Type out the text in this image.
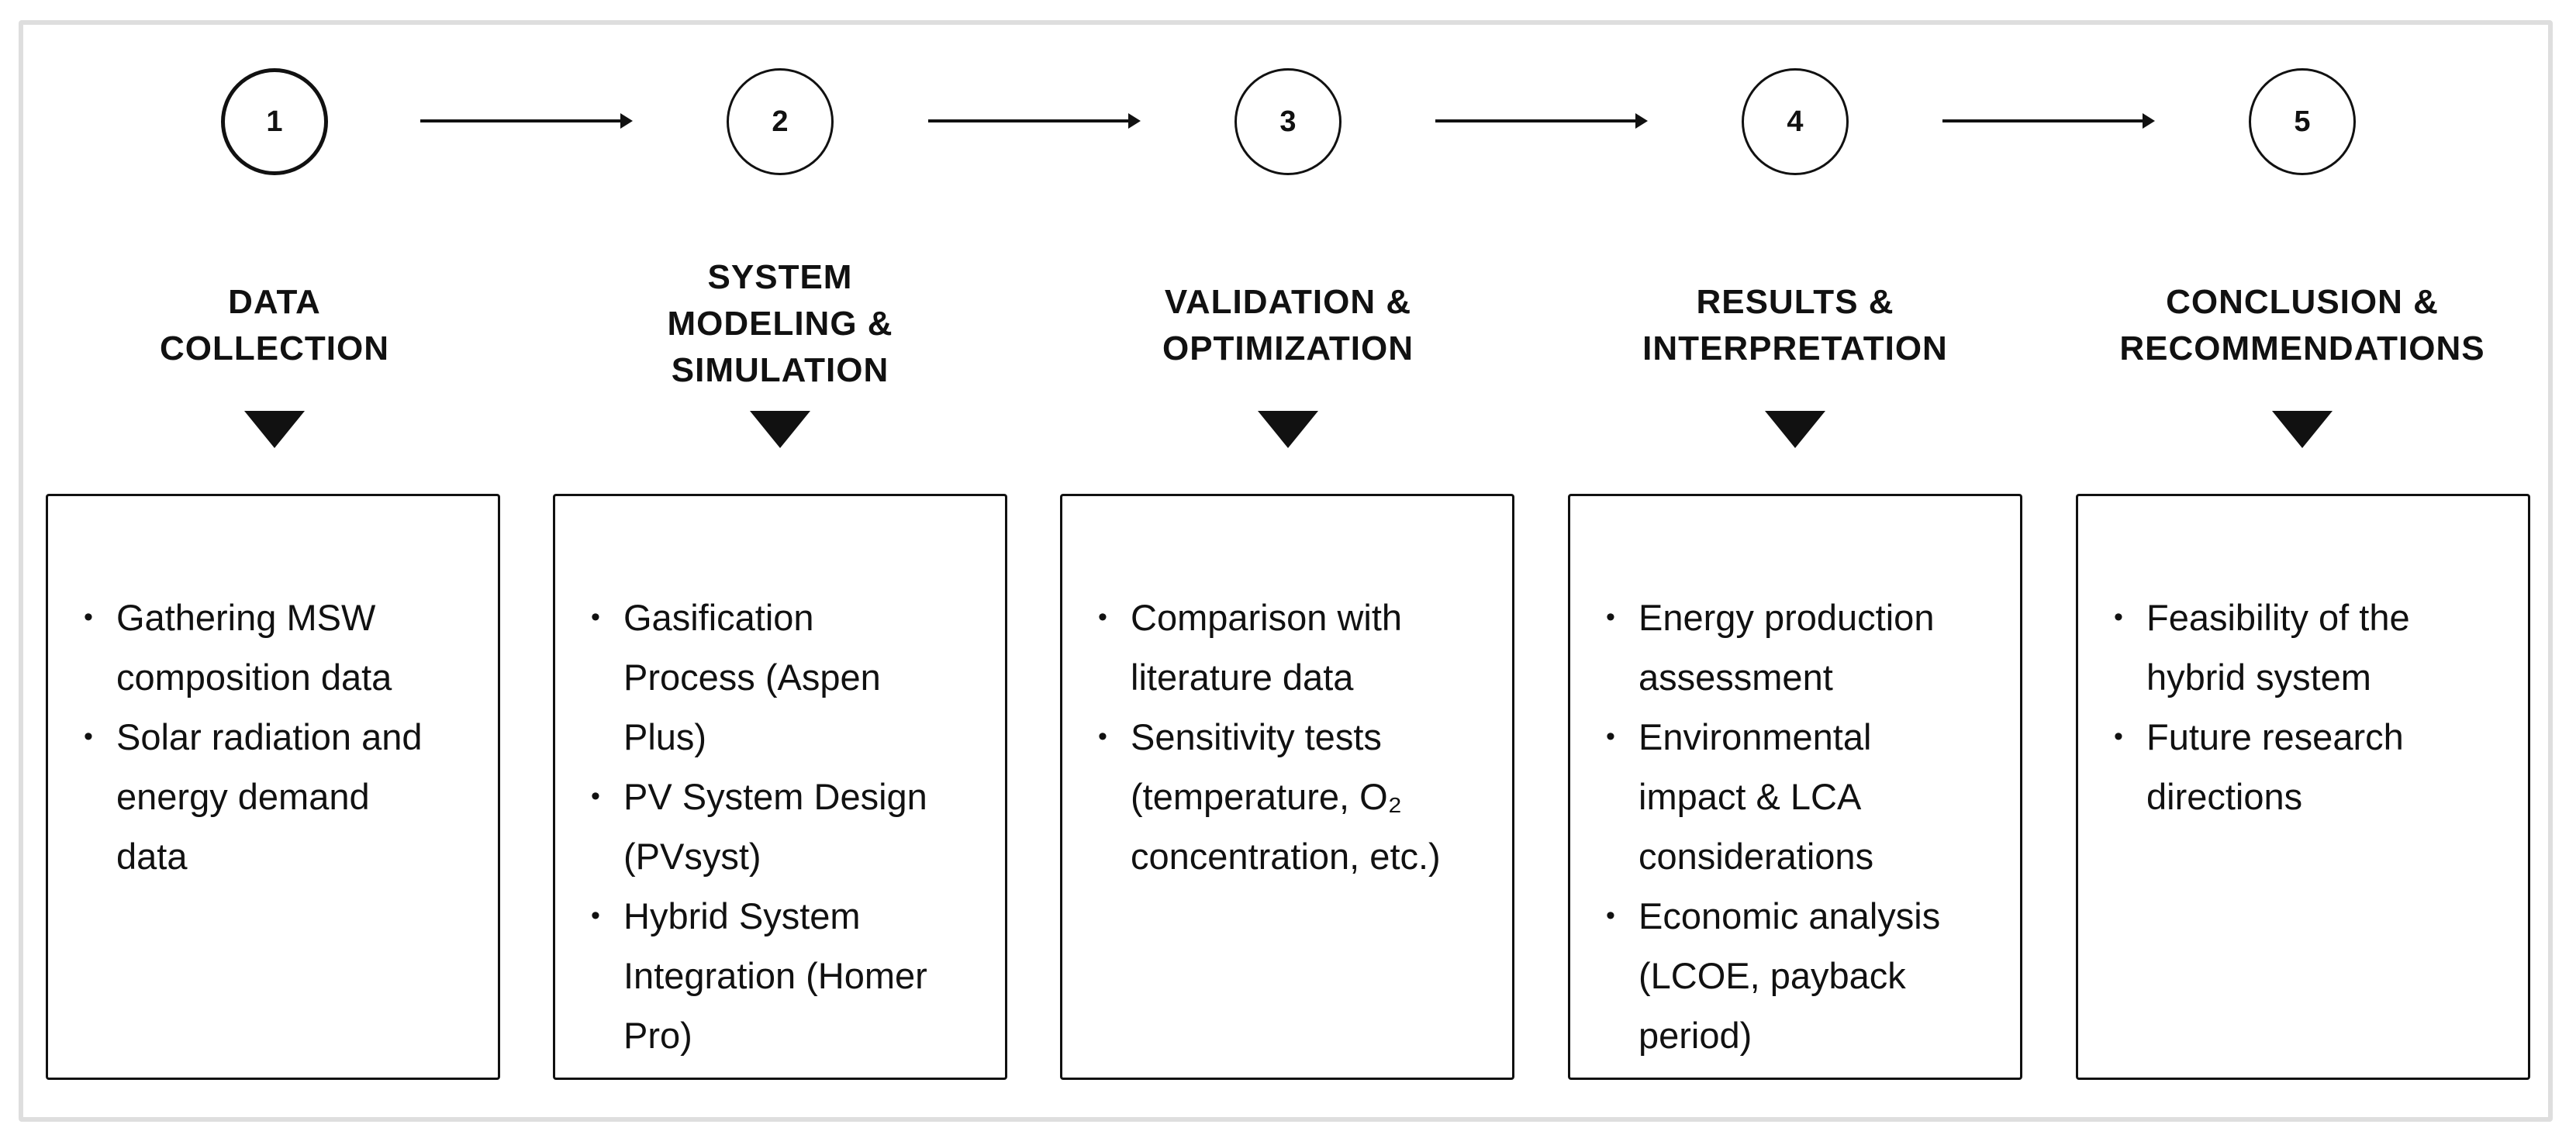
1	2	3	4	5
DATA
COLLECTION
SYSTEM
MODELING &
SIMULATION
VALIDATION &
OPTIMIZATION
RESULTS &
INTERPRETATION
CONCLUSION &
RECOMMENDATIONS
• Gathering MSW
composition data
• Solar radiation and
energy demand
data
• Gasification
Process (Aspen
Plus)
• PV System Design
(PVsyst)
• Hybrid System
Integration (Homer
Pro)
• Comparison with
literature data
• Sensitivity tests
(temperature, O₂
concentration, etc.)
• Energy production
assessment
• Environmental
impact & LCA
considerations
• Economic analysis
(LCOE, payback
period)
• Feasibility of the
hybrid system
• Future research
directions
